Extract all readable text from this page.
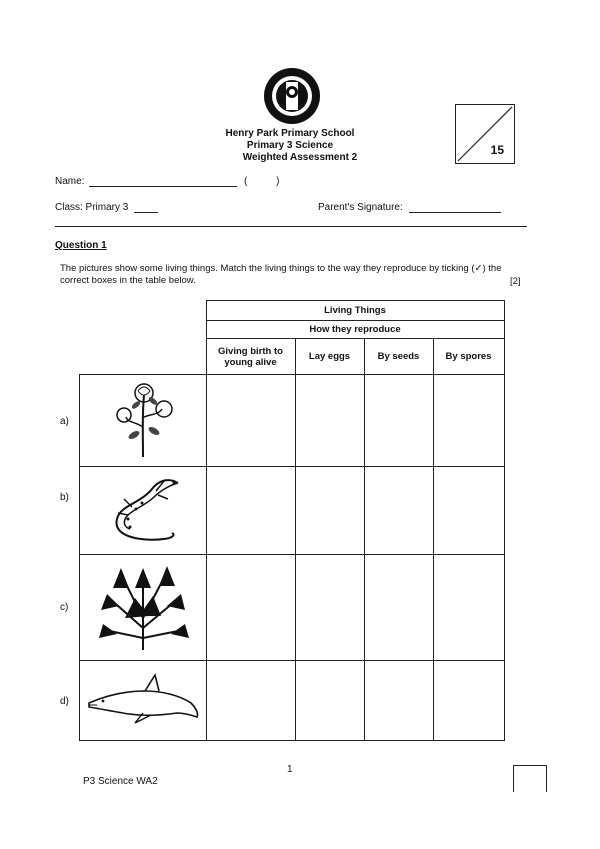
Henry Park Primary School
Primary 3 Science
Weighted Assessment 2
15
Name:	(	)
Class: Primary 3	Parent's Signature:
Question 1
The pictures show some living things. Match the living things to the way they reproduce by ticking (✓) the correct boxes in the table below.	[2]
	Living Things			
	How they reproduce			
	Giving birth to young alive	Lay eggs	By seeds	By spores

a)
b)
c)
d)
1
P3 Science WA2
